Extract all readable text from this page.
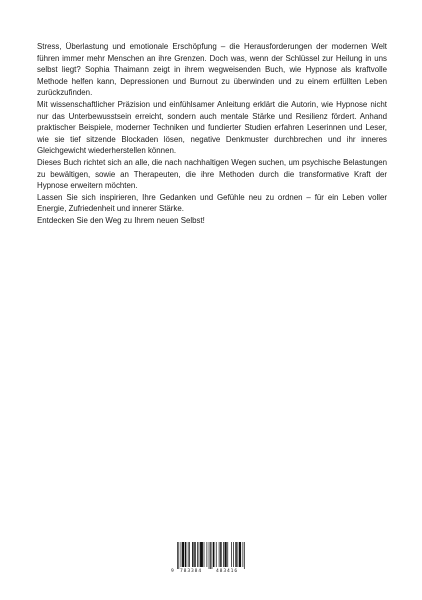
Stress, Überlastung und emotionale Erschöpfung – die Herausforderungen der modernen Welt führen immer mehr Menschen an ihre Grenzen. Doch was, wenn der Schlüssel zur Heilung in uns selbst liegt? Sophia Thaimann zeigt in ihrem wegweisenden Buch, wie Hypnose als kraftvolle Methode helfen kann, Depressionen und Burnout zu überwinden und zu einem erfüllten Leben zurückzufinden.

Mit wissenschaftlicher Präzision und einfühlsamer Anleitung erklärt die Autorin, wie Hypnose nicht nur das Unterbewusstsein erreicht, sondern auch mentale Stärke und Resilienz fördert. Anhand praktischer Beispiele, moderner Techniken und fundierter Studien erfahren Leserinnen und Leser, wie sie tief sitzende Blockaden lösen, negative Denkmuster durchbrechen und ihr inneres Gleichgewicht wiederherstellen können.

Dieses Buch richtet sich an alle, die nach nachhaltigen Wegen suchen, um psychische Belastungen zu bewältigen, sowie an Therapeuten, die ihre Methoden durch die transformative Kraft der Hypnose erweitern möchten.

Lassen Sie sich inspirieren, Ihre Gedanken und Gefühle neu zu ordnen – für ein Leben voller Energie, Zufriedenheit und innerer Stärke.

Entdecken Sie den Weg zu Ihrem neuen Selbst!

9 783384	483416
